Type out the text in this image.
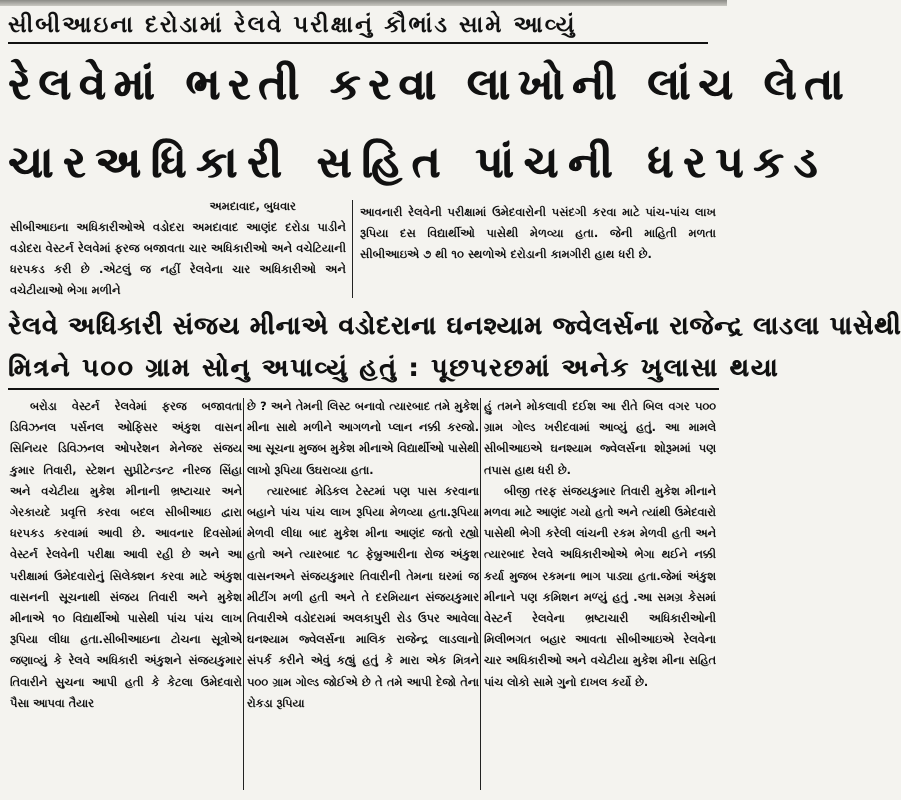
સીબીઆઇના દરોડામાં રેલવે પરીક્ષાનું કૌભાંડ સામે આવ્યું
રેલવેમાં ભરતી કરવા લાખોની લાંચ લેતા
ચારઅધિકારી સહિત પાંચની ધરપકડ
અમદાવાદ, બુધવાર
સીબીઆઇના અધિકારીઓએ વડોદરા અમદાવાદ આણંદ દરોડા પાડીને વડોદરા વેસ્ટર્ન રેલવેમાં ફરજ બજાવતા ચાર અધિકારીઓ અને વચેટિયાની ધરપકડ કરી છે .એટલું જ નહીં રેલવેના ચાર અધિકારીઓ અને વચેટીયાઓ ભેગા મળીને
આવનારી રેલવેની પરીક્ષામાં ઉમેદવારોની પસંદગી કરવા માટે પાંચ-પાંચ લાખ રૂપિયા દસ વિદ્યાર્થીઓ પાસેથી મેળવ્યા હતા. જેની માહિતી મળતા સીબીઆઇએ ૭ થી ૧૦ સ્થળોએ દરોડાની કામગીરી હાથ ધરી છે.
રેલવે અધિકારી સંજય મીનાએ વડોદરાના ઘનશ્યામ જ્વેલર્સના રાજેન્દ્ર લાડલા પાસેથી
મિત્રને ૫૦૦ ગ્રામ સોનુ અપાવ્યું હતું : પૂછપરછમાં અનેક ખુલાસા થયા

બરોડા વેસ્ટર્ન રેલવેમાં ફરજ બજાવતા ડિવિઝનલ પર્સનલ ઓફિસર અંકુશ વાસન સિનિયર ડિવિઝનલ ઓપરેશન મેનેજર સંજય કુમાર તિવારી, સ્ટેશન સુપ્રીટેન્ડન્ટ નીરજ સિંહા અને વચેટીયા મુકેશ મીનાની ભ્રષ્ટાચાર અને ગેરકાયદે પ્રવૃત્તિ કરવા બદલ સીબીઆઇ દ્વારા ધરપકડ કરવામાં આવી છે. આવનાર દિવસોમાં વેસ્ટર્ન રેલવેની પરીક્ષા આવી રહી છે અને આ પરીક્ષામાં ઉમેદવારોનું સિલેક્શન કરવા માટે અંકુશ વાસનની સૂચનાથી સંજય તિવારી અને મુકેશ મીનાએ ૧૦ વિદ્યાર્થીઓ પાસેથી પાંચ પાંચ લાખ રૂપિયા લીધા હતા.સીબીઆઇના ટોચના સૂત્રોએ જણાવ્યું કે રેલવે અધિકારી અંકુશને સંજયકુમાર તિવારીને સુચના આપી હતી કે કેટલા ઉમેદવારો પૈસા આપવા તૈયાર

છે ? અને તેમની લિસ્ટ બનાવો ત્યારબાદ તમે મુકેશ મીના સાથે મળીને આગળનો પ્લાન નક્કી કરજો. આ સૂચના મુજબ મુકેશ મીનાએ વિદ્યાર્થીઓ પાસેથી લાખો રૂપિયા ઉઘરાવ્યા હતા.

ત્યારબાદ મેડિકલ ટેસ્ટમાં પણ પાસ કરવાના બહાને પાંચ પાંચ લાખ રૂપિયા મેળવ્યા હતા.રૂપિયા મેળવી લીધા બાદ મુકેશ મીના આણંદ જતો રહ્યો હતો અને ત્યારબાદ ૧૮ ફેબ્રુઆરીના રોજ અંકુશ વાસનઅને સંજયકુમાર તિવારીની તેમના ઘરમાં જ મીટીંગ મળી હતી અને તે દરમિયાન સંજયકુમાર તિવારીએ વડોદરામાં અલકાપુરી રોડ ઉપર આવેલા ઘનશ્યામ જ્વેલર્સના માલિક રાજેન્દ્ર લાડલાનો સંપર્ક કરીને એવું કહ્યું હતું કે મારા એક મિત્રને ૫૦૦ ગ્રામ ગોલ્ડ જોઈએ છે તે તમે આપી દેજો તેના રોકડા રૂપિયા

હું તમને મોકલાવી દઈશ આ રીતે બિલ વગર ૫૦૦ ગ્રામ ગોલ્ડ ખરીદવામાં આવ્યું હતું. આ મામલે સીબીઆઇએ ઘનશ્યામ જ્વેલર્સના શોરૂમમાં પણ તપાસ હાથ ધરી છે.

બીજી તરફ સંજયકુમાર તિવારી મુકેશ મીનાને મળવા માટે આણંદ ગયો હતો અને ત્યાંથી ઉમેદવારો પાસેથી ભેગી કરેલી લાંચની રકમ મેળવી હતી અને ત્યારબાદ રેલવે અધિકારીઓએ ભેગા થઈને નક્કી કર્યા મુજબ રકમના ભાગ પાડ્યા હતા.જેમાં અંકુશ મીનાને પણ કમિશન મળ્યું હતું .આ સમગ્ર કેસમાં વેસ્ટર્ન રેલવેના ભ્રષ્ટાચારી અધિકારીઓની મિલીભગત બહાર આવતા સીબીઆઇએ રેલવેના ચાર અધિકારીઓ અને વચેટીયા મુકેશ મીના સહિત પાંચ લોકો સામે ગુનો દાખલ કર્યો છે.
